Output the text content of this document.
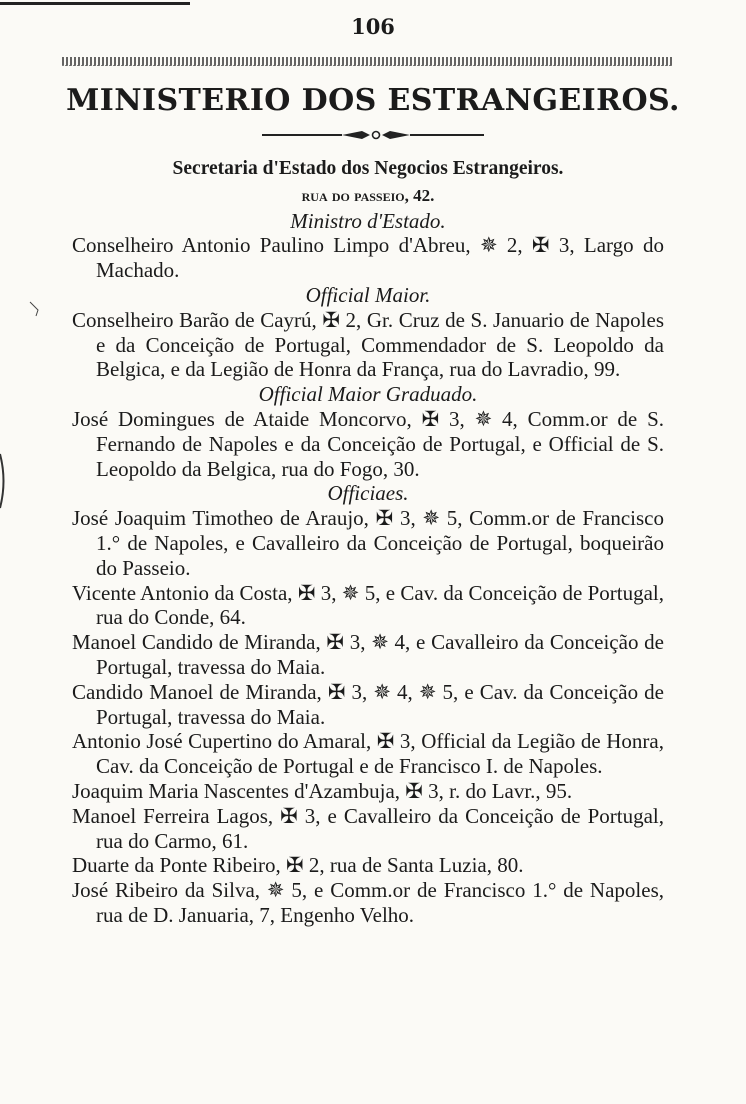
106
MINISTERIO DOS ESTRANGEIROS.
Secretaria d'Estado dos Negocios Estrangeiros.
rua do passeio, 42.
Ministro d'Estado.

Conselheiro Antonio Paulino Limpo d'Abreu, ✵ 2, ✠ 3, Largo do Machado.

Official Maior.

Conselheiro Barão de Cayrú, ✠ 2, Gr. Cruz de S. Januario de Napoles e da Conceição de Portugal, Commendador de S. Leopoldo da Belgica, e da Legião de Honra da França, rua do Lavradio, 99.

Official Maior Graduado.

José Domingues de Ataide Moncorvo, ✠ 3, ✵ 4, Comm.or de S. Fernando de Napoles e da Conceição de Portugal, e Official de S. Leopoldo da Belgica, rua do Fogo, 30.

Officiaes.

José Joaquim Timotheo de Araujo, ✠ 3, ✵ 5, Comm.or de Francisco 1.° de Napoles, e Cavalleiro da Conceição de Portugal, boqueirão do Passeio.

Vicente Antonio da Costa, ✠ 3, ✵ 5, e Cav. da Conceição de Portugal, rua do Conde, 64.

Manoel Candido de Miranda, ✠ 3, ✵ 4, e Cavalleiro da Conceição de Portugal, travessa do Maia.

Candido Manoel de Miranda, ✠ 3, ✵ 4, ✵ 5, e Cav. da Conceição de Portugal, travessa do Maia.

Antonio José Cupertino do Amaral, ✠ 3, Official da Legião de Honra, Cav. da Conceição de Portugal e de Francisco I. de Napoles.

Joaquim Maria Nascentes d'Azambuja, ✠ 3, r. do Lavr., 95.

Manoel Ferreira Lagos, ✠ 3, e Cavalleiro da Conceição de Portugal, rua do Carmo, 61.

Duarte da Ponte Ribeiro, ✠ 2, rua de Santa Luzia, 80.

José Ribeiro da Silva, ✵ 5, e Comm.or de Francisco 1.° de Napoles, rua de D. Januaria, 7, Engenho Velho.
